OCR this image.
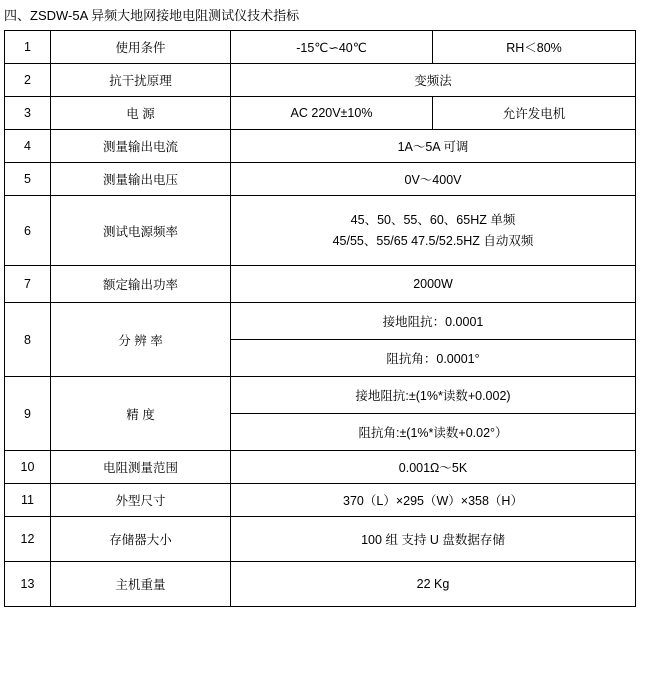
四、ZSDW-5A 异频大地网接地电阻测试仪技术指标
1	使用条件	-15℃∽40℃	RH＜80%
2	抗干扰原理	变频法	
3	电 源	AC 220V±10%	允许发电机
4	测量输出电流	1A～5A 可调	
5	测量输出电压	0V～400V	
6	测试电源频率	45、50、55、60、65HZ 单频
45/55、55/65 47.5/52.5HZ 自动双频	

7	额定输出功率	2000W	
8	分 辨 率	接地阻抗：0.0001	
		阻抗角：0.0001°	
9	精 度	接地阻抗:±(1%*读数+0.002)	
		阻抗角:±(1%*读数+0.02°）	
10	电阻测量范围	0.001Ω～5K	
11	外型尺寸	370（L）×295（W）×358（H）	
12	存储器大小	100 组 支持 U 盘数据存储	
13	主机重量	22 Kg	
